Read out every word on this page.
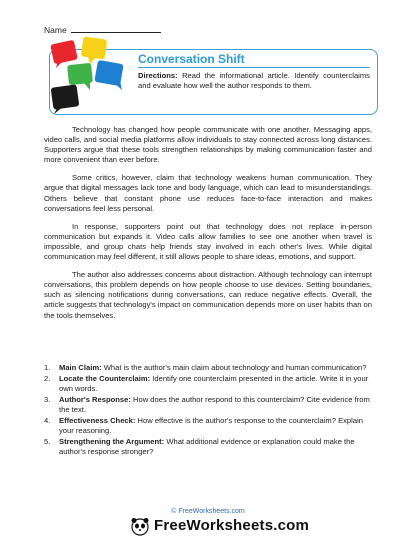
Name
Conversation Shift
Directions: Read the informational article. Identify counterclaims and evaluate how well the author responds to them.

Technology has changed how people communicate with one another. Messaging apps, video calls, and social media platforms allow individuals to stay connected across long distances. Supporters argue that these tools strengthen relationships by making communication faster and more convenient than ever before.

Some critics, however, claim that technology weakens human communication. They argue that digital messages lack tone and body language, which can lead to misunderstandings. Others believe that constant phone use reduces face-to-face interaction and makes conversations feel less personal.

In response, supporters point out that technology does not replace in-person communication but expands it. Video calls allow families to see one another when travel is impossible, and group chats help friends stay involved in each other's lives. While digital communication may feel different, it still allows people to share ideas, emotions, and support.

The author also addresses concerns about distraction. Although technology can interrupt conversations, this problem depends on how people choose to use devices. Setting boundaries, such as silencing notifications during conversations, can reduce negative effects. Overall, the article suggests that technology's impact on communication depends more on user habits than on the tools themselves.

1. Main Claim: What is the author's main claim about technology and human communication?
2. Locate the Counterclaim: Identify one counterclaim presented in the article. Write it in your own words.
3. Author's Response: How does the author respond to this counterclaim? Cite evidence from the text.
4. Effectiveness Check: How effective is the author's response to the counterclaim? Explain your reasoning.
5. Strengthening the Argument: What additional evidence or explanation could make the author's response stronger?
© FreeWorksheets.com
FreeWorksheets.com
